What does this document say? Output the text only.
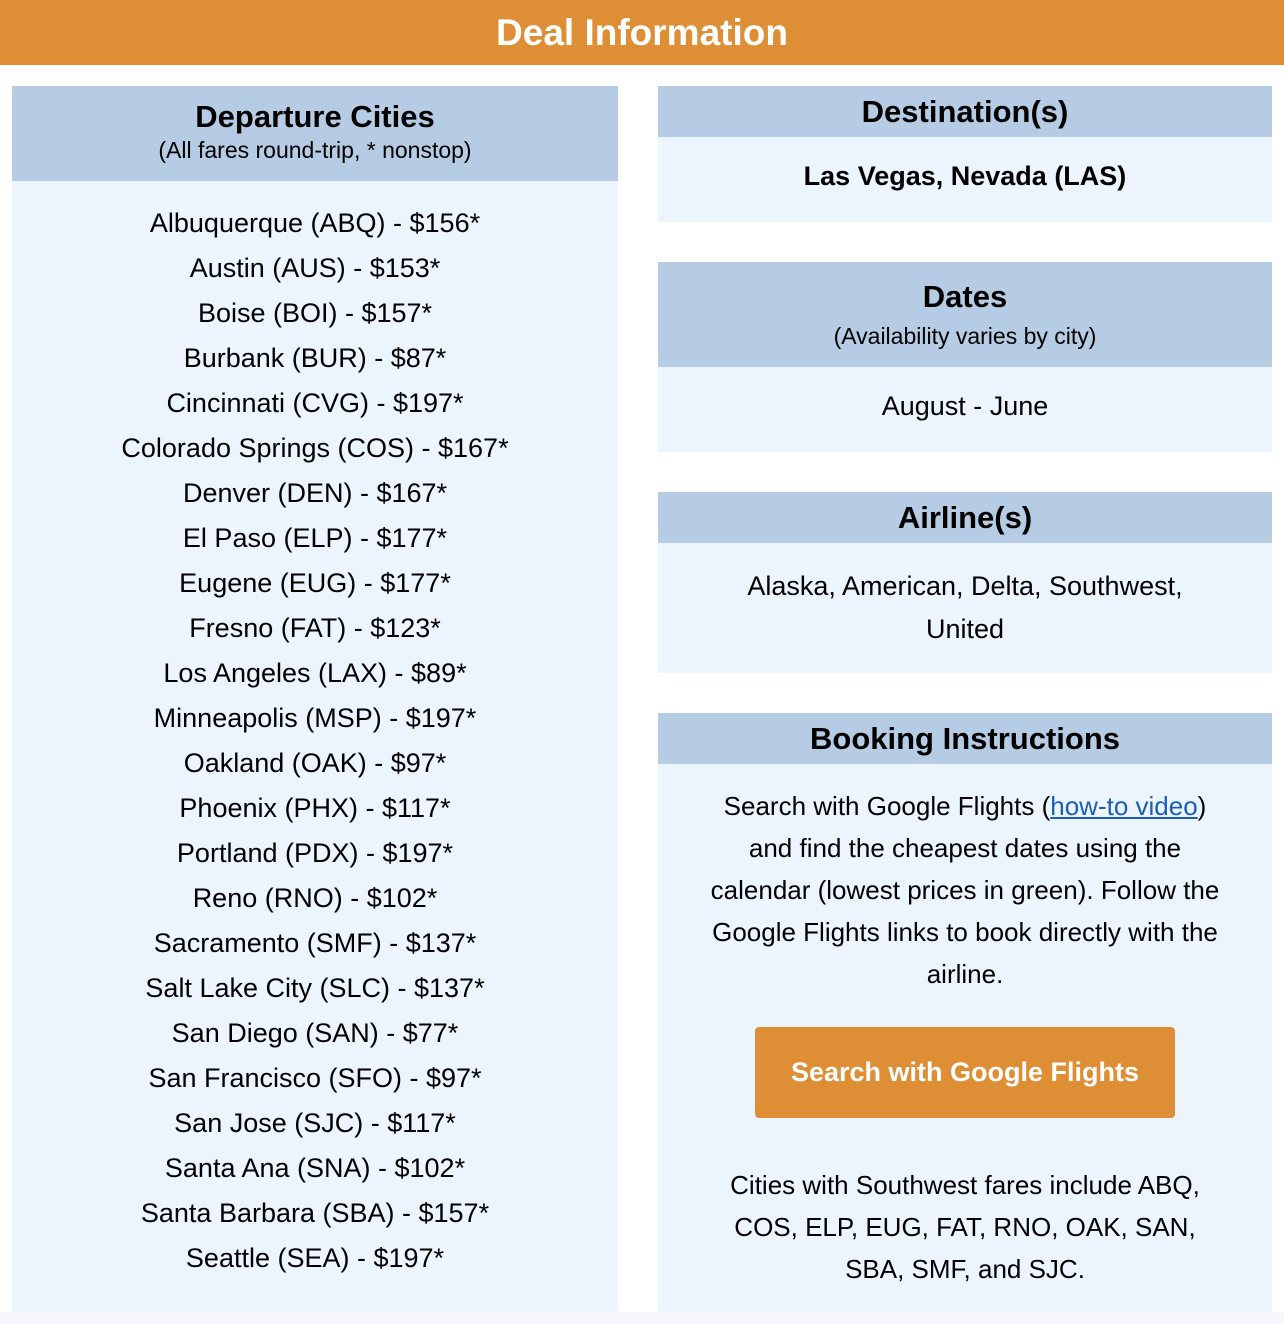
Deal Information
Departure Cities
(All fares round-trip, * nonstop)
Albuquerque (ABQ) - $156*
Austin (AUS) - $153*
Boise (BOI) - $157*
Burbank (BUR) - $87*
Cincinnati (CVG) - $197*
Colorado Springs (COS) - $167*
Denver (DEN) - $167*
El Paso (ELP) - $177*
Eugene (EUG) - $177*
Fresno (FAT) - $123*
Los Angeles (LAX) - $89*
Minneapolis (MSP) - $197*
Oakland (OAK) - $97*
Phoenix (PHX) - $117*
Portland (PDX) - $197*
Reno (RNO) - $102*
Sacramento (SMF) - $137*
Salt Lake City (SLC) - $137*
San Diego (SAN) - $77*
San Francisco (SFO) - $97*
San Jose (SJC) - $117*
Santa Ana (SNA) - $102*
Santa Barbara (SBA) - $157*
Seattle (SEA) - $197*
Destination(s)
Las Vegas, Nevada (LAS)
Dates
(Availability varies by city)
August - June
Airline(s)
Alaska, American, Delta, Southwest, United
Booking Instructions

Search with Google Flights (how-to video) and find the cheapest dates using the calendar (lowest prices in green). Follow the Google Flights links to book directly with the airline.

Search with Google Flights

Cities with Southwest fares include ABQ, COS, ELP, EUG, FAT, RNO, OAK, SAN, SBA, SMF, and SJC.
